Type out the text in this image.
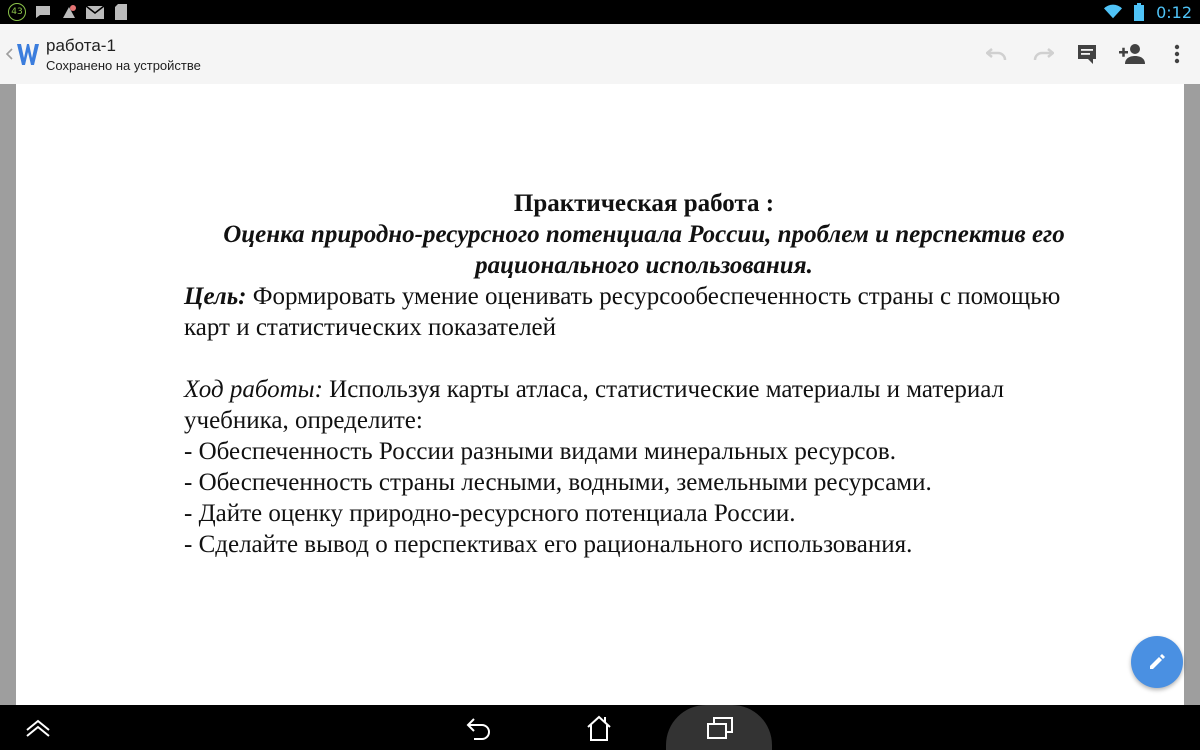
43	0:12
работа-1
Сохранено на устройстве
Практическая работа :
Оценка природно-ресурсного потенциала России, проблем и перспектив его рационального использования.
Цель: Формировать умение оценивать ресурсообеспеченность страны с помощью карт и статистических показателей
Ход работы: Используя карты атласа, статистические материалы и материал учебника, определите:
- Обеспеченность России разными видами минеральных ресурсов.
- Обеспеченность страны лесными, водными, земельными ресурсами.
- Дайте оценку природно-ресурсного потенциала России.
- Сделайте вывод о перспективах его рационального использования.
